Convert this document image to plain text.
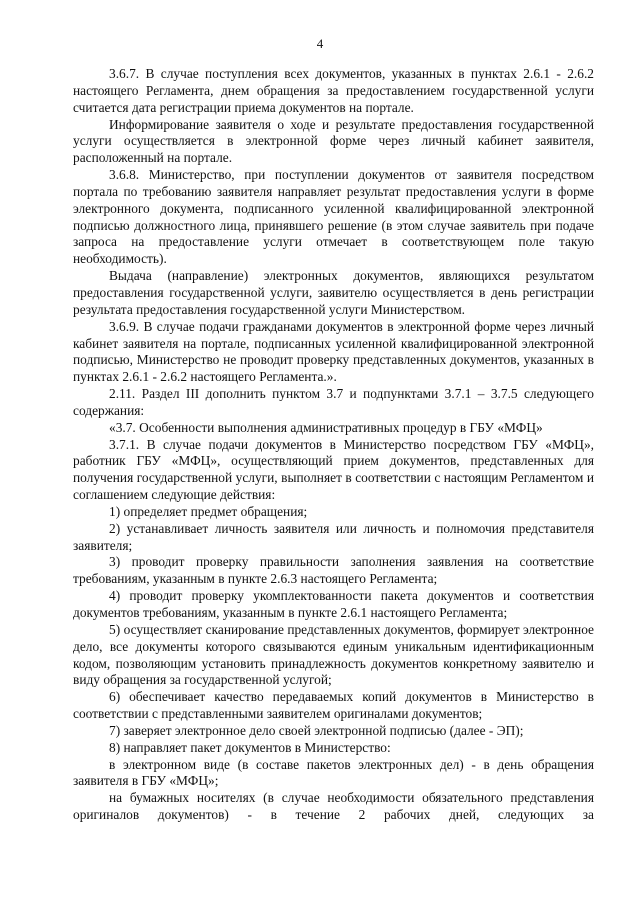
4

3.6.7. В случае поступления всех документов, указанных в пунктах 2.6.1 - 2.6.2 настоящего Регламента, днем обращения за предоставлением государственной услуги считается дата регистрации приема документов на портале.

Информирование заявителя о ходе и результате предоставления государственной услуги осуществляется в электронной форме через личный кабинет заявителя, расположенный на портале.

3.6.8. Министерство, при поступлении документов от заявителя посредством портала по требованию заявителя направляет результат предоставления услуги в форме электронного документа, подписанного усиленной квалифицированной электронной подписью должностного лица, принявшего решение (в этом случае заявитель при подаче запроса на предоставление услуги отмечает в соответствующем поле такую необходимость).

Выдача (направление) электронных документов, являющихся результатом предоставления государственной услуги, заявителю осуществляется в день регистрации результата предоставления государственной услуги Министерством.

3.6.9. В случае подачи гражданами документов в электронной форме через личный кабинет заявителя на портале, подписанных усиленной квалифицированной электронной подписью, Министерство не проводит проверку представленных документов, указанных в пунктах 2.6.1 - 2.6.2 настоящего Регламента.».

2.11. Раздел III дополнить пунктом 3.7 и подпунктами 3.7.1 – 3.7.5 следующего содержания:

«3.7. Особенности выполнения административных процедур в ГБУ «МФЦ»

3.7.1. В случае подачи документов в Министерство посредством ГБУ «МФЦ», работник ГБУ «МФЦ», осуществляющий прием документов, представленных для получения государственной услуги, выполняет в соответствии с настоящим Регламентом и соглашением следующие действия:

1) определяет предмет обращения;

2) устанавливает личность заявителя или личность и полномочия представителя заявителя;

3) проводит проверку правильности заполнения заявления на соответствие требованиям, указанным в пункте 2.6.3 настоящего Регламента;

4) проводит проверку укомплектованности пакета документов и соответствия документов требованиям, указанным в пункте 2.6.1 настоящего Регламента;

5) осуществляет сканирование представленных документов, формирует электронное дело, все документы которого связываются единым уникальным идентификационным кодом, позволяющим установить принадлежность документов конкретному заявителю и виду обращения за государственной услугой;

6) обеспечивает качество передаваемых копий документов в Министерство в соответствии с представленными заявителем оригиналами документов;

7) заверяет электронное дело своей электронной подписью (далее - ЭП);

8) направляет пакет документов в Министерство:

в электронном виде (в составе пакетов электронных дел) - в день обращения заявителя в ГБУ «МФЦ»;

на бумажных носителях (в случае необходимости обязательного представления оригиналов документов) - в течение 2 рабочих дней, следующих за
